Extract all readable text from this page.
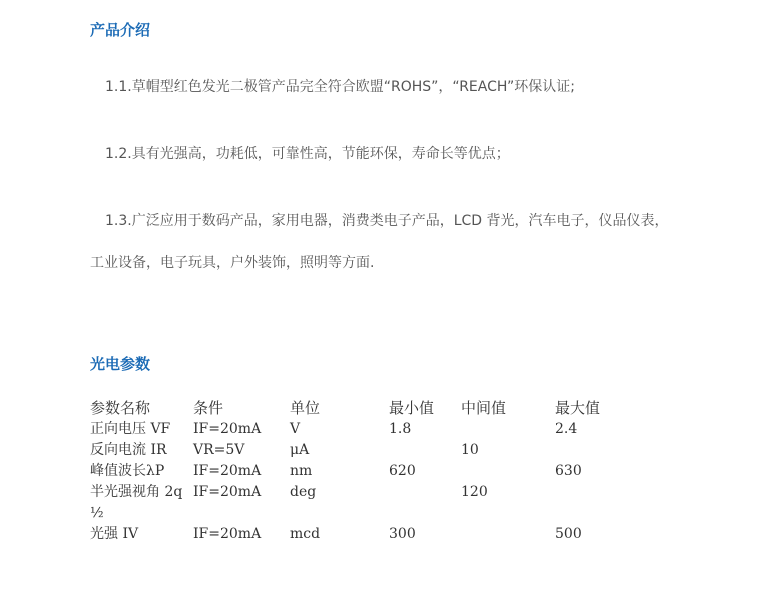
产品介绍

1.1.草帽型红色发光二极管产品完全符合欧盟“ROHS”，“REACH”环保认证;

1.2.具有光强高，功耗低，可靠性高，节能环保，寿命长等优点；

1.3.广泛应用于数码产品，家用电器，消费类电子产品，LCD 背光，汽车电子，仪品仪表，

工业设备，电子玩具，户外装饰，照明等方面.

光电参数
参数名称	条件	单位	最小值	中间值	最大值
正向电压 VF	IF=20mA	V	1.8		2.4
反向电流 IR	VR=5V	μA		10	
峰值波长λP	IF=20mA	nm	620		630
半光强视角 2q½	IF=20mA	deg		120	
光强 IV	IF=20mA	mcd	300		500
